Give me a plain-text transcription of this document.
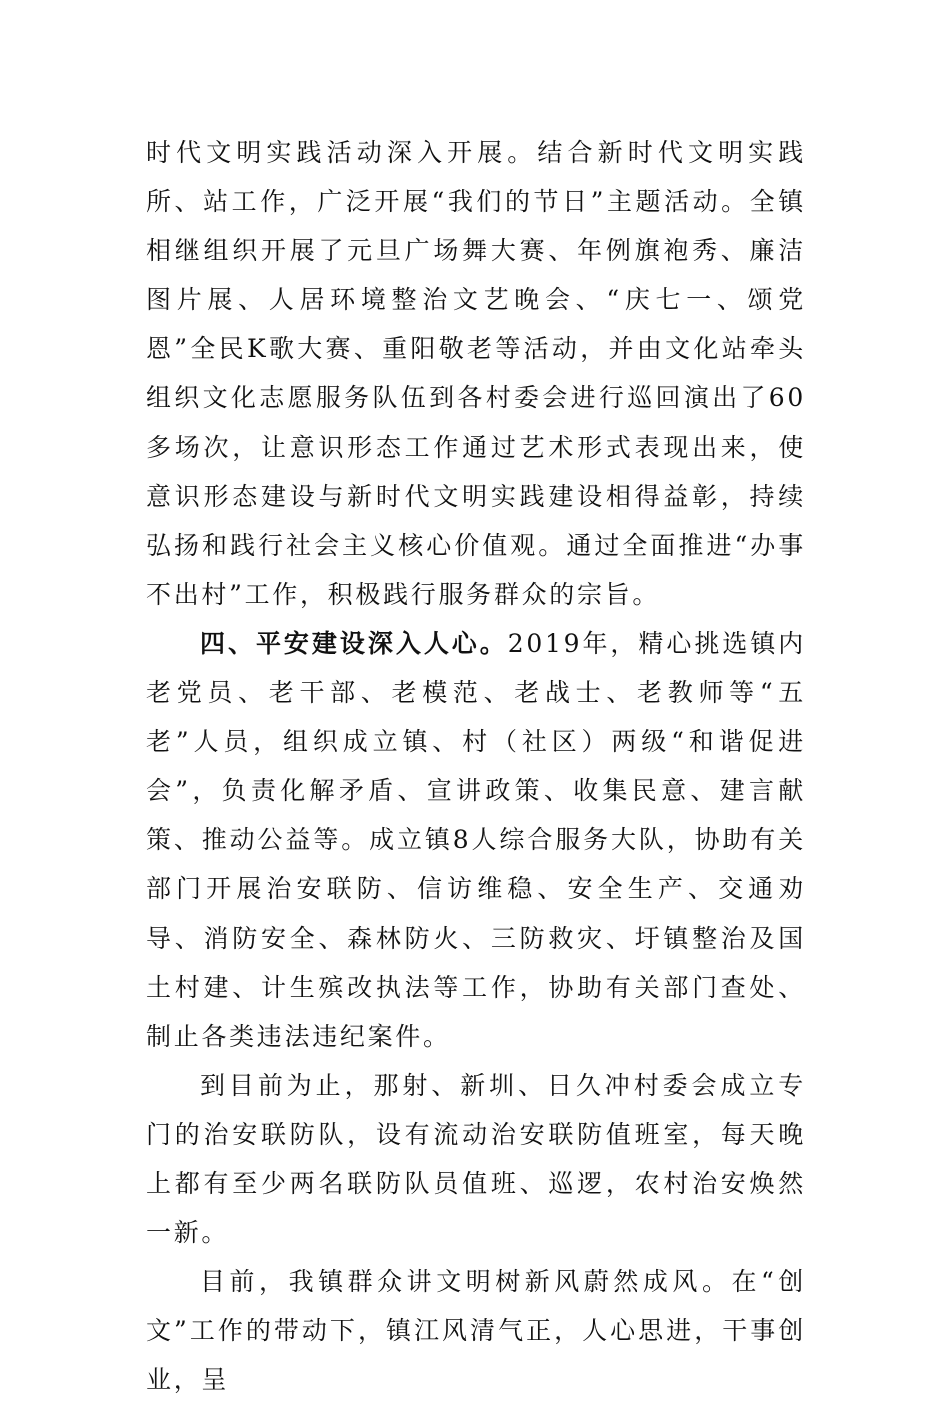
时代文明实践活动深入开展。结合新时代文明实践所、站工作，广泛开展“我们的节日”主题活动。全镇相继组织开展了元旦广场舞大赛、年例旗袍秀、廉洁图片展、人居环境整治文艺晚会、“庆七一、颂党恩”全民K歌大赛、重阳敬老等活动，并由文化站牵头组织文化志愿服务队伍到各村委会进行巡回演出了60多场次，让意识形态工作通过艺术形式表现出来，使意识形态建设与新时代文明实践建设相得益彰，持续弘扬和践行社会主义核心价值观。通过全面推进“办事不出村”工作，积极践行服务群众的宗旨。

四、平安建设深入人心。2019年，精心挑选镇内老党员、老干部、老模范、老战士、老教师等“五老”人员，组织成立镇、村（社区）两级“和谐促进会”，负责化解矛盾、宣讲政策、收集民意、建言献策、推动公益等。成立镇8人综合服务大队，协助有关部门开展治安联防、信访维稳、安全生产、交通劝导、消防安全、森林防火、三防救灾、圩镇整治及国土村建、计生殡改执法等工作，协助有关部门查处、制止各类违法违纪案件。

到目前为止，那射、新圳、日久冲村委会成立专门的治安联防队，设有流动治安联防值班室，每天晚上都有至少两名联防队员值班、巡逻，农村治安焕然一新。

目前，我镇群众讲文明树新风蔚然成风。在“创文”工作的带动下，镇江风清气正，人心思进，干事创业，呈
